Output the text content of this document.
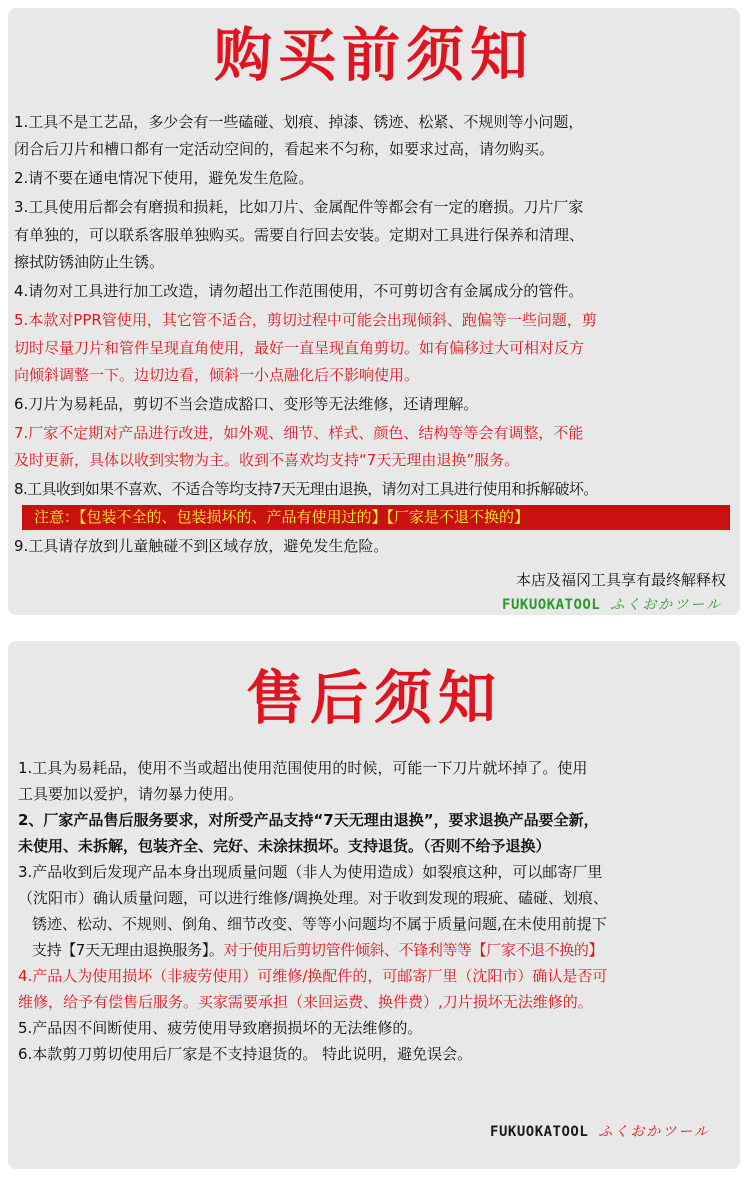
购买前须知
1.工具不是工艺品，多少会有一些磕碰、划痕、掉漆、锈迹、松紧、不规则等小问题，
闭合后刀片和槽口都有一定活动空间的，看起来不匀称，如要求过高，请勿购买。
2.请不要在通电情况下使用，避免发生危险。
3.工具使用后都会有磨损和损耗，比如刀片、金属配件等都会有一定的磨损。刀片厂家
有单独的，可以联系客服单独购买。需要自行回去安装。定期对工具进行保养和清理、
擦拭防锈油防止生锈。
4.请勿对工具进行加工改造，请勿超出工作范围使用，不可剪切含有金属成分的管件。
5.本款对PPR管使用，其它管不适合，剪切过程中可能会出现倾斜、跑偏等一些问题，剪
切时尽量刀片和管件呈现直角使用，最好一直呈现直角剪切。如有偏移过大可相对反方
向倾斜调整一下。边切边看，倾斜一小点融化后不影响使用。
6.刀片为易耗品，剪切不当会造成豁口、变形等无法维修，还请理解。
7.厂家不定期对产品进行改进，如外观、细节、样式、颜色、结构等等会有调整，不能
及时更新，具体以收到实物为主。收到不喜欢均支持“7天无理由退换”服务。
8.工具收到如果不喜欢、不适合等均支持7天无理由退换，请勿对工具进行使用和拆解破坏。
注意：【包装不全的、包装损坏的、产品有使用过的】【厂家是不退不换的】
9.工具请存放到儿童触碰不到区域存放，避免发生危险。
本店及福冈工具享有最终解释权
FUKUOKATOOL ふくおかツール
售后须知
1.工具为易耗品，使用不当或超出使用范围使用的时候，可能一下刀片就坏掉了。使用
工具要加以爱护，请勿暴力使用。
2、厂家产品售后服务要求，对所受产品支持“7天无理由退换”，要求退换产品要全新，
未使用、未拆解，包装齐全、完好、未涂抹损坏。支持退货。（否则不给予退换）
3.产品收到后发现产品本身出现质量问题（非人为使用造成）如裂痕这种，可以邮寄厂里
（沈阳市）确认质量问题，可以进行维修/调换处理。对于收到发现的瑕疵、磕碰、划痕、
锈迹、松动、不规则、倒角、细节改变、等等小问题均不属于质量问题,在未使用前提下
支持【7天无理由退换服务】。对于使用后剪切管件倾斜、不锋利等等【厂家不退不换的】
4.产品人为使用损坏（非疲劳使用）可维修/换配件的，可邮寄厂里（沈阳市）确认是否可
维修，给予有偿售后服务。买家需要承担（来回运费、换件费）,刀片损坏无法维修的。
5.产品因不间断使用、疲劳使用导致磨损损坏的无法维修的。
6.本款剪刀剪切使用后厂家是不支持退货的。 特此说明，避免误会。
FUKUOKATOOL ふくおかツール
